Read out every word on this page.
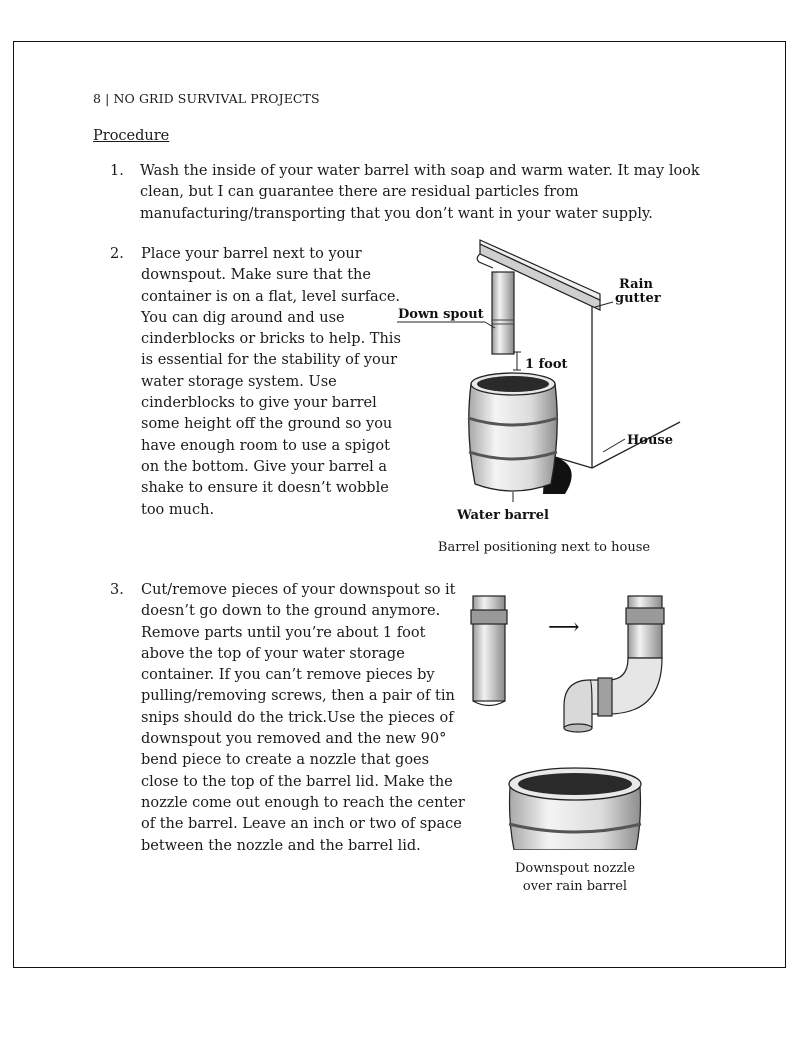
8 | NO GRID SURVIVAL PROJECTS
Procedure
1. Wash the inside of your water barrel with soap and warm water. It may look clean, but I can guarantee there are residual particles from manufacturing/transporting that you don’t want in your water supply.
2. Place your barrel next to your downspout. Make sure that the container is on a flat, level surface. You can dig around and use cinderblocks or bricks to help. This is essential for the stability of your water storage system. Use cinderblocks to give your barrel some height off the ground so you have enough room to use a spigot on the bottom. Give your barrel a shake to ensure it doesn’t wobble too much.
3. Cut/remove pieces of your downspout so it doesn’t go down to the ground anymore. Remove parts until you’re about 1 foot above the top of your water storage container. If you can’t remove pieces by pulling/removing screws, then a pair of tin snips should do the trick.Use the pieces of downspout you removed and the new 90° bend piece to create a nozzle that goes close to the top of the barrel lid. Make the nozzle come out enough to reach the center of the barrel. Leave an inch or two of space between the nozzle and the barrel lid.
Rain
gutter
Down spout
1 foot
House
Water barrel
Barrel positioning next to house
⟶
Downspout nozzle
over rain barrel
